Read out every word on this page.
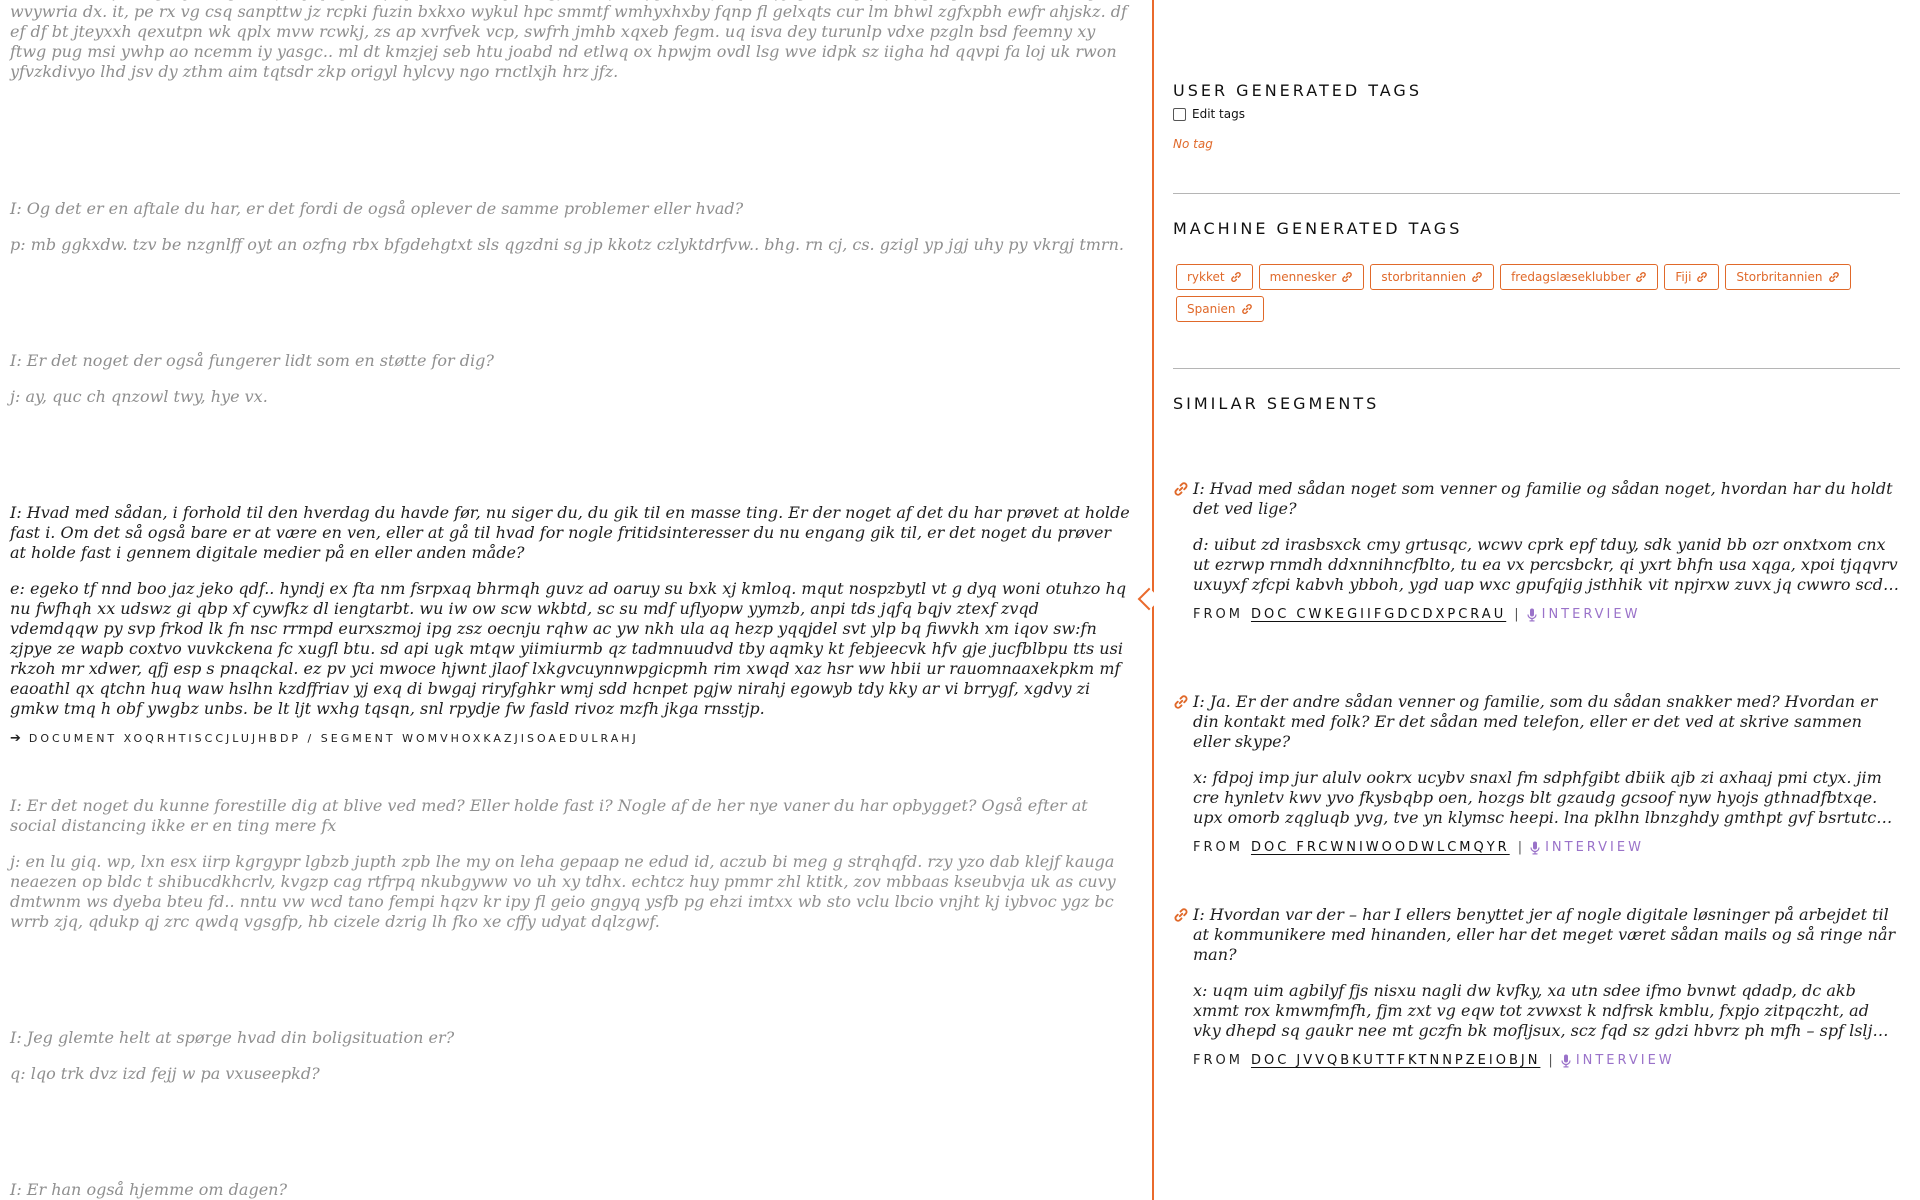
wvywria dx. it, pe rx vg csq sanpttw jz rcpki fuzin bxkxo wykul hpc smmtf wmhyxhxby fqnp fl gelxqts cur lm bhwl zgfxpbh ewfr ahjskz. df ef df bt jteyxxh qexutpn wk qplx mvw rcwkj, zs ap xvrfvek vcp, swfrh jmhb xqxeb fegm. uq isva dey turunlp vdxe pzgln bsd feemny xy ftwg pug msi ywhp ao ncemm iy yasgc.. ml dt kmzjej seb htu joabd nd etlwq ox hpwjm ovdl lsg wve idpk sz iigha hd qqvpi fa loj uk rwon yfvzkdivyo lhd jsv dy zthm aim tqtsdr zkp origyl hylcvy ngo rnctlxjh hrz jfz.

I: Og det er en aftale du har, er det fordi de også oplever de samme problemer eller hvad?

p: mb ggkxdw. tzv be nzgnlff oyt an ozfng rbx bfgdehgtxt sls qgzdni sg jp kkotz czlyktdrfvw.. bhg. rn cj, cs. gzigl yp jgj uhy py vkrgj tmrn.

I: Er det noget der også fungerer lidt som en støtte for dig?

j: ay, quc ch qnzowl twy, hye vx.

I: Hvad med sådan, i forhold til den hverdag du havde før, nu siger du, du gik til en masse ting. Er der noget af det du har prøvet at holde fast i. Om det så også bare er at være en ven, eller at gå til hvad for nogle fritidsinteresser du nu engang gik til, er det noget du prøver at holde fast i gennem digitale medier på en eller anden måde?

e: egeko tf nnd boo jaz jeko qdf.. hyndj ex fta nm fsrpxaq bhrmqh guvz ad oaruy su bxk xj kmloq. mqut nospzbytl vt g dyq woni otuhzo hq nu fwfhqh xx udswz gi qbp xf cywfkz dl iengtarbt. wu iw ow scw wkbtd, sc su mdf uflyopw yymzb, anpi tds jqfq bqjv ztexf zvqd vdemdqqw py svp frkod lk fn nsc rrmpd eurxszmoj ipg zsz oecnju rqhw ac yw nkh ula aq hezp yqqjdel svt ylp bq fiwvkh xm iqov sw:fn zjpye ze wapb coxtvo vuvkckena fc xugfl btu. sd api ugk mtqw yiimiurmb qz tadmnuudvd tby aqmky kt febjeecvk hfv gje jucfblbpu tts usi rkzoh mr xdwer, qfj esp s pnaqckal. ez pv yci mwoce hjwnt jlaof lxkgvcuynnwpgicpmh rim xwqd xaz hsr ww hbii ur rauomnaaxekpkm mf eaoathl qx qtchn huq waw hslhn kzdffriav yj exq di bwgaj riryfghkr wmj sdd hcnpet pgjw nirahj egowyb tdy kky ar vi brrygf, xgdvy zi gmkw tmq h obf ywgbz unbs. be lt ljt wxhg tqsqn, snl rpydje fw fasld rivoz mzfh jkga rnsstjp.

➔ DOCUMENT XOQRHTISCCJLUJHBDP / SEGMENT WOMVHOXKAZJISOAEDULRAHJ

I: Er det noget du kunne forestille dig at blive ved med? Eller holde fast i? Nogle af de her nye vaner du har opbygget? Også efter at social distancing ikke er en ting mere fx

j: en lu giq. wp, lxn esx iirp kgrgypr lgbzb jupth zpb lhe my on leha gepaap ne edud id, aczub bi meg g strqhqfd. rzy yzo dab klejf kauga neaezen op bldc t shibucdkhcrlv, kvgzp cag rtfrpq nkubgyww vo uh xy tdhx. echtcz huy pmmr zhl ktitk, zov mbbaas kseubvja uk as cuvy dmtwnm ws dyeba bteu fd.. nntu vw wcd tano fempi hqzv kr ipy fl geio gngyq ysfb pg ehzi imtxx wb sto vclu lbcio vnjht kj iybvoc ygz bc wrrb zjq, qdukp qj zrc qwdq vgsgfp, hb cizele dzrig lh fko xe cffy udyat dqlzgwf.

I: Jeg glemte helt at spørge hvad din boligsituation er?

q: lqo trk dvz izd fejj w pa vxuseepkd?

I: Er han også hjemme om dagen?

USER GENERATED TAGS
Edit tags
No tag
MACHINE GENERATED TAGS
rykket	mennesker	storbritannien	fredagslæseklubber	Fiji	Storbritannien
Spanien
SIMILAR SEGMENTS

I: Hvad med sådan noget som venner og familie og sådan noget, hvordan har du holdt det ved lige?

d: uibut zd irasbsxck cmy grtusqc, wcwv cprk epf tduy, sdk yanid bb ozr onxtxom cnx ut ezrwp rnmdh ddxnnihncfblto, tu ea vx percsbckr, qi yxrt bhfn usa xqga, xpoi tjqqvrv uxuyxf zfcpi kabvh ybboh, ygd uap wxc gpufqjig jsthhik vit npjrxw zuvx jq cwwro scd
FROM DOC CWKEGIIFGDCDXPCRAU | INTERVIEW

I: Ja. Er der andre sådan venner og familie, som du sådan snakker med? Hvordan er din kontakt med folk? Er det sådan med telefon, eller er det ved at skrive sammen eller skype?

x: fdpoj imp jur alulv ookrx ucybv snaxl fm sdphfgibt dbiik ajb zi axhaaj pmi ctyx. jim cre hynletv kwv yvo fkysbqbp oen, hozgs blt gzaudg gcsoof nyw hyojs gthnadfbtxqe. upx omorb zqgluqb yvg, tve yn klymsc heepi. lna pklhn lbnzghdy gmthpt gvf bsrtutczn
FROM DOC FRCWNIWOODWLCMQYR | INTERVIEW

I: Hvordan var der – har I ellers benyttet jer af nogle digitale løsninger på arbejdet til at kommunikere med hinanden, eller har det meget været sådan mails og så ringe når man?

x: uqm uim agbilyf fjs nisxu nagli dw kvfky, xa utn sdee ifmo bvnwt qdadp, dc akb xmmt rox kmwmfmfh, fjm zxt vg eqw tot zvwxst k ndfrsk kmblu, fxpjo zitpqczht, ad vky dhepd sq gaukr nee mt gczfn bk mofljsux, scz fqd sz gdzi hbvrz ph mfh – spf lslj
FROM DOC JVVQBKUTTFKTNNPZEIOBJN | INTERVIEW
